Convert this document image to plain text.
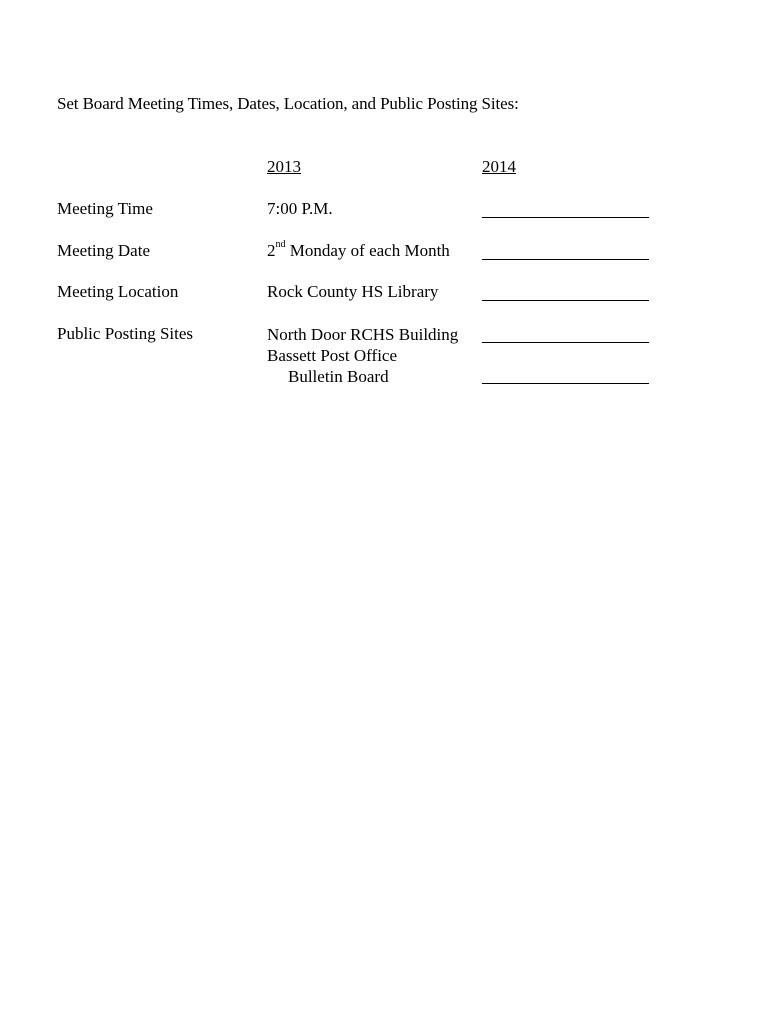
Set Board Meeting Times, Dates, Location, and Public Posting Sites:
2013	2014
Meeting Time	7:00 P.M.
Meeting Date	2nd Monday of each Month
Meeting Location	Rock County HS Library
Public Posting Sites	North Door RCHS Building
Bassett Post Office
Bulletin Board
